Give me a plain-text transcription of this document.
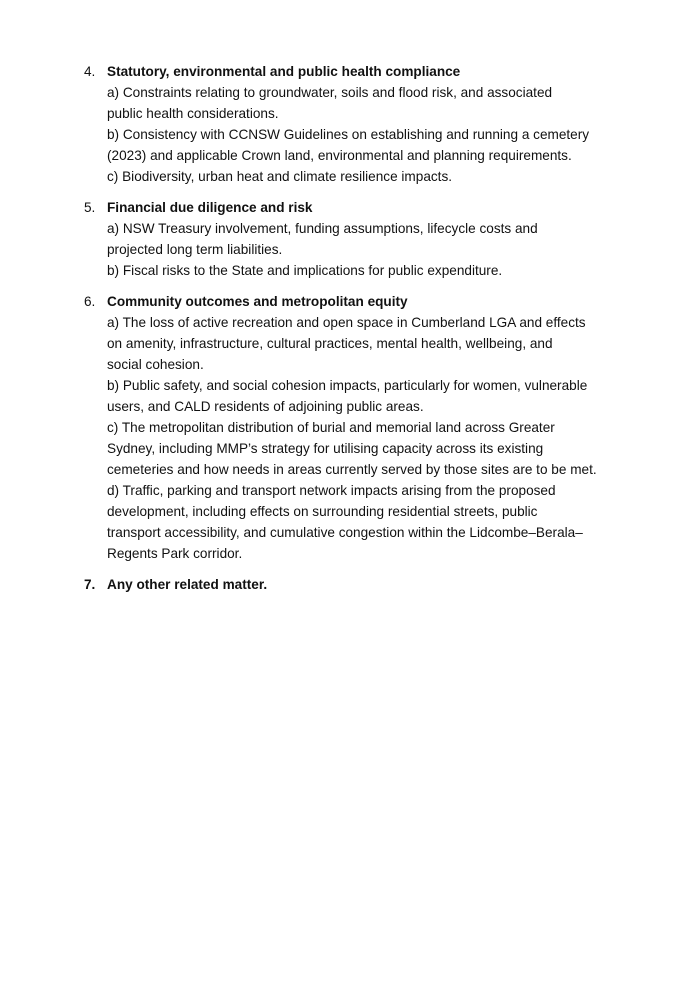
4. Statutory, environmental and public health compliance

a) Constraints relating to groundwater, soils and flood risk, and associated

public health considerations.

b) Consistency with CCNSW Guidelines on establishing and running a cemetery

(2023) and applicable Crown land, environmental and planning requirements.

c) Biodiversity, urban heat and climate resilience impacts.

5. Financial due diligence and risk

a) NSW Treasury involvement, funding assumptions, lifecycle costs and

projected long term liabilities.

b) Fiscal risks to the State and implications for public expenditure.

6. Community outcomes and metropolitan equity

a) The loss of active recreation and open space in Cumberland LGA and effects

on amenity, infrastructure, cultural practices, mental health, wellbeing, and

social cohesion.

b) Public safety, and social cohesion impacts, particularly for women, vulnerable

users, and CALD residents of adjoining public areas.

c) The metropolitan distribution of burial and memorial land across Greater

Sydney, including MMP’s strategy for utilising capacity across its existing

cemeteries and how needs in areas currently served by those sites are to be met.

d) Traffic, parking and transport network impacts arising from the proposed

development, including effects on surrounding residential streets, public

transport accessibility, and cumulative congestion within the Lidcombe–Berala–

Regents Park corridor.

7. Any other related matter.
